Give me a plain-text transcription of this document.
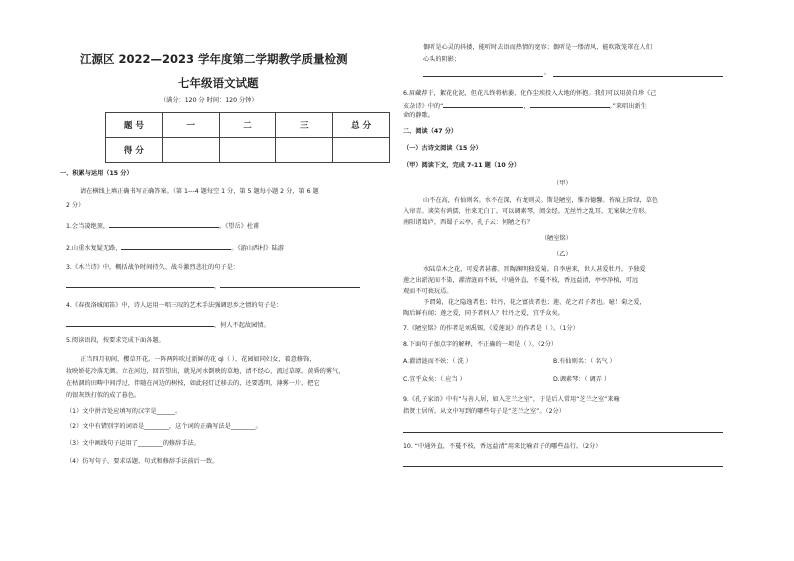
江源区 2022—2023 学年度第二学期教学质量检测
七年级语文试题
（满分：120 分 时间：120 分钟）
题 号	一	二	三	总 分
得 分				
一、积累与运用（15 分）
请在横线上填正确书写正确答案。（第 1---4 题每空 1 分，第 5 题每小题 2 分，第 6 题
2 分）
1.会当凌绝顶，	。《望岳》杜甫
2.山重水复疑无路，	。《游山西村》陆游
3.《木兰诗》中，概括战争时间持久、战斗激烈悲壮的句子是：
，
4.《春夜洛城闻笛》中，诗人运用一唱三叹的艺术手法强调思乡之情的句子是：
，何人不起故园情。
5.阅读语段，按要求完成下面各题。
正当四月初间，樱草开花，一阵两阵吹过新鲜的花 qì（ ），花园如同妇女，着意修饰，
妆映娇花冷落无颜。立在河边，回首望出，就见河水倒映的草地，清不经心，流过草原。黄昏的雾气，
在枯涸的田畴中间浮过，伴随在河边的树枝，如此轻灯迁移去的，还要透明，薄雾一片，把它
的银灰铁打似的成了暮色。
（1）文中拼音处应填写的汉字是______。
（2）文中有错别字的词语是________，这个词的正确写法是________。
（3）文中画线句子运用了________的修辞手法。
（4）仿写句子，要求话题、句式和修辞手法前后一致。
偶听是心灵的抖搂，能听时去语而热情的宽容；偶听是一缕清风，能吹散笼罩在人们
心头的阴影；
，
6.眉藏荐于，絮花化泥，但花儿终将枯萎，化作尘埃投入大地的怀抱。我们可以用黄自珍《己
亥杂诗》中的“	，	。”来唱出新生
命的静歌。
二、阅读（47 分）
（一）古诗文阅读（15 分）
（甲）阅读下文，完成 7-11 题（10 分）
（甲）
山不在高，有仙则名。水不在深，有龙则灵。斯是陋室，惟吾德馨。苔痕上阶绿，草色
入帘青。谈笑有鸿儒，往来无白丁。可以调素琴，阅金经。无丝竹之乱耳，无案牍之劳形。
南阳诸葛庐，西蜀子云亭。孔子云：何陋之有？
（陋室铭）
（乙）
水陆草木之花，可爱者甚蕃。晋陶渊明独爱菊。自李唐来，世人甚爱牡丹。予独爱
莲之出淤泥而不染，濯清涟而不妖，中通外直，不蔓不枝，香远益清，亭亭净植，可远
观而不可亵玩焉。
予谓菊，花之隐逸者也；牡丹，花之富贵者也；莲，花之君子者也。噫！菊之爱，
陶后鲜有闻；莲之爱，同予者何人？牡丹之爱，宜乎众矣。
7.《陋室铭》的作者是刘禹锡，《爱莲说》的作者是（ ）。（1分）
8.下面句子加点字的解释，不正确的一项是（ ）。（2分）
A.濯清涟而不妖：（ 洗 ）	B.有仙则名：（ 名气 ）
C.宜乎众矣：（ 应当 ）	D.调素琴：（ 调弄 ）
9.《孔子家语》中有“与善人居，如入芝兰之室”，于是后人常用“芝兰之室”来喻
指贤士居所。从文中写到的哪些句子是“芝兰之室”。（2分）
10. “中通外直，不蔓不枝，香远益清”用来比喻君子的哪些品行。（2分）
